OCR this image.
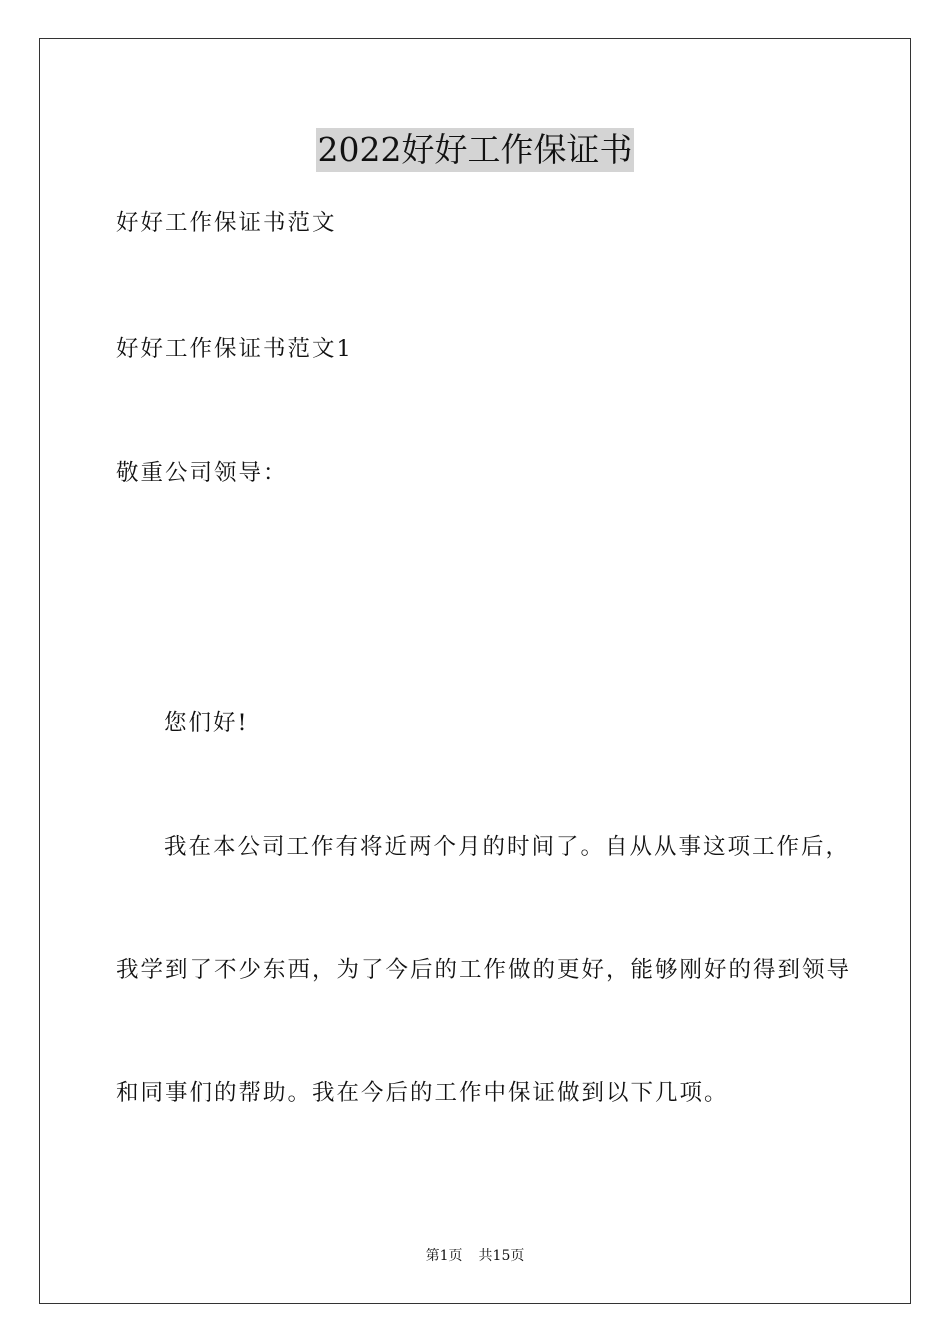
2022好好工作保证书
好好工作保证书范文
好好工作保证书范文1
敬重公司领导：
您们好!
我在本公司工作有将近两个月的时间了。自从从事这项工作后，
我学到了不少东西，为了今后的工作做的更好，能够刚好的得到领导
和同事们的帮助。我在今后的工作中保证做到以下几项。
第1页 共15页
